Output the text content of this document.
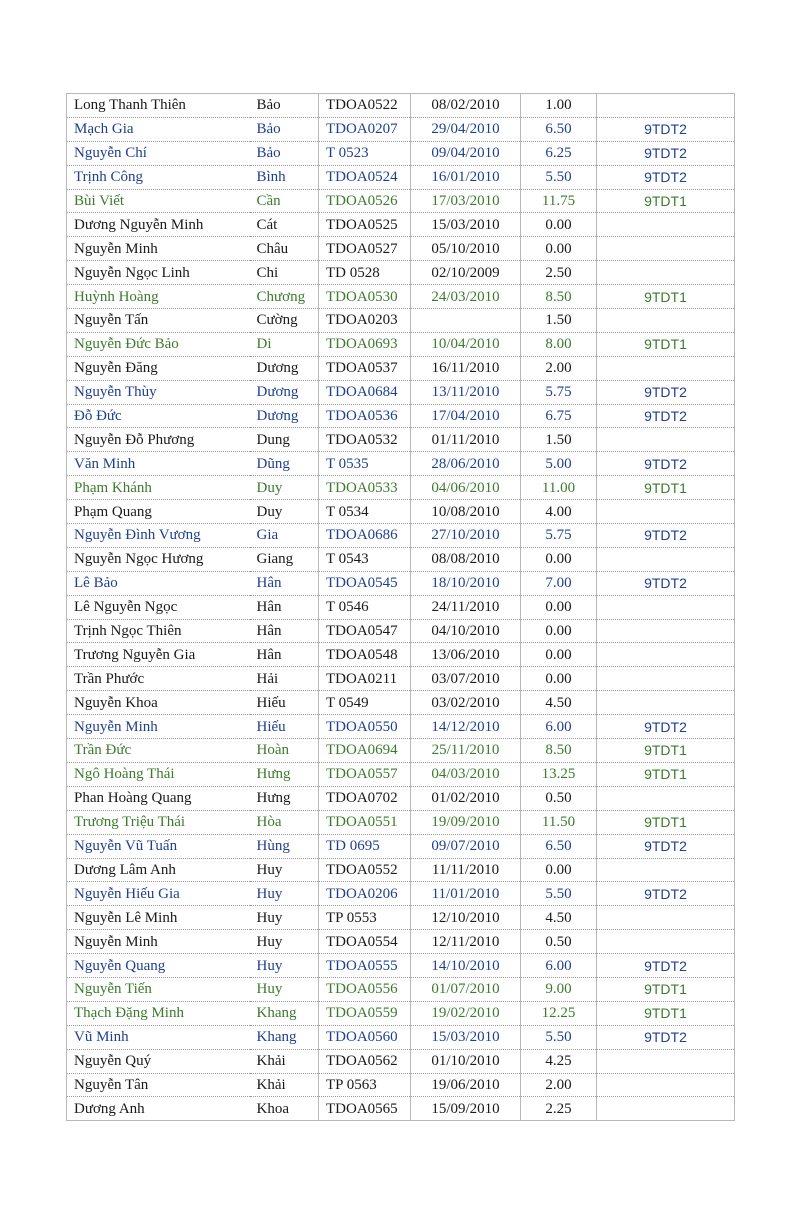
Long Thanh Thiên	Bảo	TDOA0522	08/02/2010	1.00	
Mạch Gia	Bảo	TDOA0207	29/04/2010	6.50	9TDT2
Nguyễn Chí	Bảo	T 0523	09/04/2010	6.25	9TDT2
Trịnh Công	Bình	TDOA0524	16/01/2010	5.50	9TDT2
Bùi Viết	Cần	TDOA0526	17/03/2010	11.75	9TDT1
Dương Nguyễn Minh	Cát	TDOA0525	15/03/2010	0.00	
Nguyễn Minh	Châu	TDOA0527	05/10/2010	0.00	
Nguyễn Ngọc Linh	Chi	TD 0528	02/10/2009	2.50	
Huỳnh Hoàng	Chương	TDOA0530	24/03/2010	8.50	9TDT1
Nguyễn Tấn	Cường	TDOA0203		1.50	
Nguyễn Đức Bảo	Di	TDOA0693	10/04/2010	8.00	9TDT1
Nguyễn Đăng	Dương	TDOA0537	16/11/2010	2.00	
Nguyễn Thùy	Dương	TDOA0684	13/11/2010	5.75	9TDT2
Đỗ Đức	Dương	TDOA0536	17/04/2010	6.75	9TDT2
Nguyễn Đỗ Phương	Dung	TDOA0532	01/11/2010	1.50	
Văn Minh	Dũng	T 0535	28/06/2010	5.00	9TDT2
Phạm Khánh	Duy	TDOA0533	04/06/2010	11.00	9TDT1
Phạm Quang	Duy	T 0534	10/08/2010	4.00	
Nguyễn Đình Vương	Gia	TDOA0686	27/10/2010	5.75	9TDT2
Nguyễn Ngọc Hương	Giang	T 0543	08/08/2010	0.00	
Lê Bảo	Hân	TDOA0545	18/10/2010	7.00	9TDT2
Lê Nguyễn Ngọc	Hân	T 0546	24/11/2010	0.00	
Trịnh Ngọc Thiên	Hân	TDOA0547	04/10/2010	0.00	
Trương Nguyễn Gia	Hân	TDOA0548	13/06/2010	0.00	
Trần Phước	Hải	TDOA0211	03/07/2010	0.00	
Nguyễn Khoa	Hiếu	T 0549	03/02/2010	4.50	
Nguyễn Minh	Hiếu	TDOA0550	14/12/2010	6.00	9TDT2
Trần Đức	Hoàn	TDOA0694	25/11/2010	8.50	9TDT1
Ngô Hoàng Thái	Hưng	TDOA0557	04/03/2010	13.25	9TDT1
Phan Hoàng Quang	Hưng	TDOA0702	01/02/2010	0.50	
Trương Triệu Thái	Hòa	TDOA0551	19/09/2010	11.50	9TDT1
Nguyễn Vũ Tuấn	Hùng	TD 0695	09/07/2010	6.50	9TDT2
Dương Lâm Anh	Huy	TDOA0552	11/11/2010	0.00	
Nguyễn Hiếu Gia	Huy	TDOA0206	11/01/2010	5.50	9TDT2
Nguyễn Lê Minh	Huy	TP 0553	12/10/2010	4.50	
Nguyễn Minh	Huy	TDOA0554	12/11/2010	0.50	
Nguyễn Quang	Huy	TDOA0555	14/10/2010	6.00	9TDT2
Nguyễn Tiến	Huy	TDOA0556	01/07/2010	9.00	9TDT1
Thạch Đặng Minh	Khang	TDOA0559	19/02/2010	12.25	9TDT1
Vũ Minh	Khang	TDOA0560	15/03/2010	5.50	9TDT2
Nguyễn Quý	Khải	TDOA0562	01/10/2010	4.25	
Nguyễn Tân	Khải	TP 0563	19/06/2010	2.00	
Dương Anh	Khoa	TDOA0565	15/09/2010	2.25	
